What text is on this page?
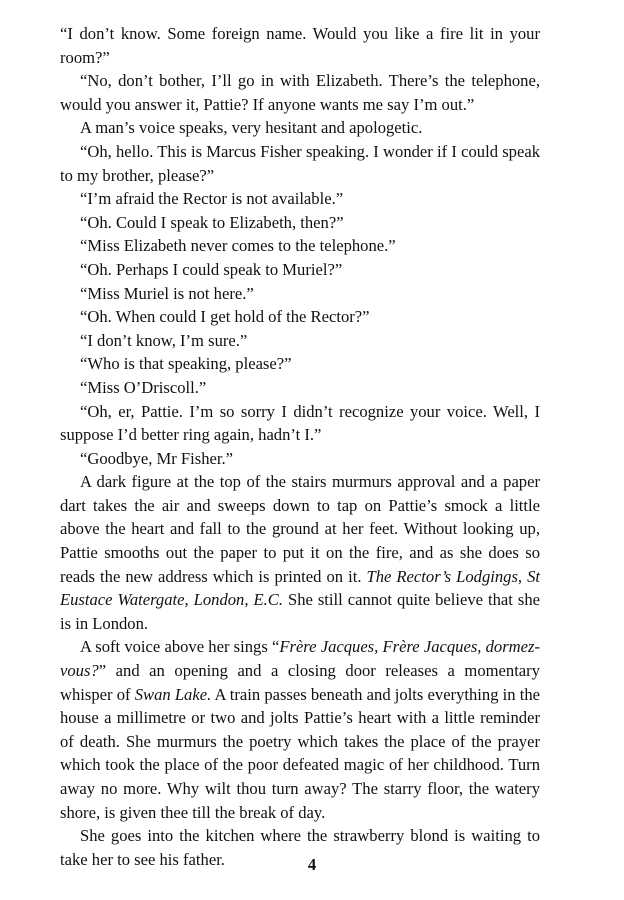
“I don’t know. Some foreign name. Would you like a fire lit in your room?”

“No, don’t bother, I’ll go in with Elizabeth. There’s the telephone, would you answer it, Pattie? If anyone wants me say I’m out.”

A man’s voice speaks, very hesitant and apologetic.

“Oh, hello. This is Marcus Fisher speaking. I wonder if I could speak to my brother, please?”

“I’m afraid the Rector is not available.”

“Oh. Could I speak to Elizabeth, then?”

“Miss Elizabeth never comes to the telephone.”

“Oh. Perhaps I could speak to Muriel?”

“Miss Muriel is not here.”

“Oh. When could I get hold of the Rector?”

“I don’t know, I’m sure.”

“Who is that speaking, please?”

“Miss O’Driscoll.”

“Oh, er, Pattie. I’m so sorry I didn’t recognize your voice. Well, I suppose I’d better ring again, hadn’t I.”

“Goodbye, Mr Fisher.”

A dark figure at the top of the stairs murmurs approval and a paper dart takes the air and sweeps down to tap on Pattie’s smock a little above the heart and fall to the ground at her feet. Without looking up, Pattie smooths out the paper to put it on the fire, and as she does so reads the new address which is printed on it. The Rector’s Lodgings, St Eustace Watergate, London, E.C. She still cannot quite believe that she is in London.

A soft voice above her sings “Frère Jacques, Frère Jacques, dormez-vous?” and an opening and a closing door releases a momentary whisper of Swan Lake. A train passes beneath and jolts everything in the house a millimetre or two and jolts Pattie’s heart with a little reminder of death. She murmurs the poetry which takes the place of the prayer which took the place of the poor defeated magic of her childhood. Turn away no more. Why wilt thou turn away? The starry floor, the watery shore, is given thee till the break of day.

She goes into the kitchen where the strawberry blond is waiting to take her to see his father.	4
